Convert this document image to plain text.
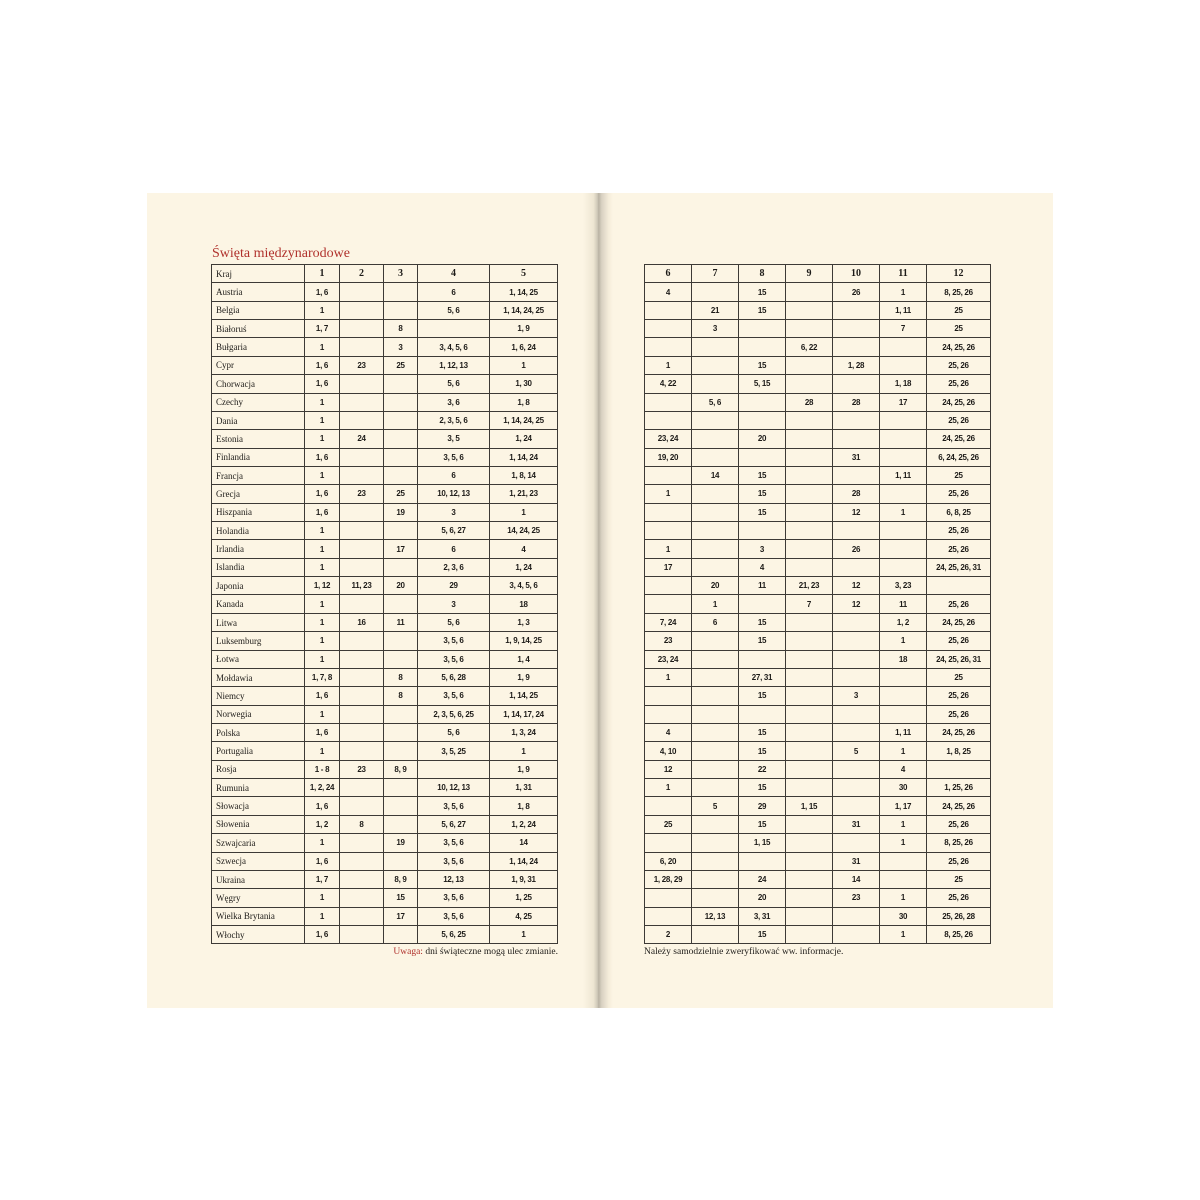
Święta międzynarodowe
Kraj	1	2	3	4	5
Austria	1, 6			6	1, 14, 25
Belgia	1			5, 6	1, 14, 24, 25
Białoruś	1, 7		8		1, 9
Bułgaria	1		3	3, 4, 5, 6	1, 6, 24
Cypr	1, 6	23	25	1, 12, 13	1
Chorwacja	1, 6			5, 6	1, 30
Czechy	1			3, 6	1, 8
Dania	1			2, 3, 5, 6	1, 14, 24, 25
Estonia	1	24		3, 5	1, 24
Finlandia	1, 6			3, 5, 6	1, 14, 24
Francja	1			6	1, 8, 14
Grecja	1, 6	23	25	10, 12, 13	1, 21, 23
Hiszpania	1, 6		19	3	1
Holandia	1			5, 6, 27	14, 24, 25
Irlandia	1		17	6	4
Islandia	1			2, 3, 6	1, 24
Japonia	1, 12	11, 23	20	29	3, 4, 5, 6
Kanada	1			3	18
Litwa	1	16	11	5, 6	1, 3
Luksemburg	1			3, 5, 6	1, 9, 14, 25
Łotwa	1			3, 5, 6	1, 4
Mołdawia	1, 7, 8		8	5, 6, 28	1, 9
Niemcy	1, 6		8	3, 5, 6	1, 14, 25
Norwegia	1			2, 3, 5, 6, 25	1, 14, 17, 24
Polska	1, 6			5, 6	1, 3, 24
Portugalia	1			3, 5, 25	1
Rosja	1 - 8	23	8, 9		1, 9
Rumunia	1, 2, 24			10, 12, 13	1, 31
Słowacja	1, 6			3, 5, 6	1, 8
Słowenia	1, 2	8		5, 6, 27	1, 2, 24
Szwajcaria	1		19	3, 5, 6	14
Szwecja	1, 6			3, 5, 6	1, 14, 24
Ukraina	1, 7		8, 9	12, 13	1, 9, 31
Węgry	1		15	3, 5, 6	1, 25
Wielka Brytania	1		17	3, 5, 6	4, 25
Włochy	1, 6			5, 6, 25	1
6	7	8	9	10	11	12
4		15		26	1	8, 25, 26
	21	15			1, 11	25
	3				7	25
			6, 22			24, 25, 26
1		15		1, 28		25, 26
4, 22		5, 15			1, 18	25, 26
	5, 6		28	28	17	24, 25, 26
						25, 26
23, 24		20				24, 25, 26
19, 20				31		6, 24, 25, 26
	14	15			1, 11	25
1		15		28		25, 26
		15		12	1	6, 8, 25
						25, 26
1		3		26		25, 26
17		4				24, 25, 26, 31
	20	11	21, 23	12	3, 23	
	1		7	12	11	25, 26
7, 24	6	15			1, 2	24, 25, 26
23		15			1	25, 26
23, 24					18	24, 25, 26, 31
1		27, 31				25
		15		3		25, 26
						25, 26
4		15			1, 11	24, 25, 26
4, 10		15		5	1	1, 8, 25
12		22			4	
1		15			30	1, 25, 26
	5	29	1, 15		1, 17	24, 25, 26
25		15		31	1	25, 26
		1, 15			1	8, 25, 26
6, 20				31		25, 26
1, 28, 29		24		14		25
		20		23	1	25, 26
	12, 13	3, 31			30	25, 26, 28
2		15			1	8, 25, 26
Uwaga: dni świąteczne mogą ulec zmianie.	Należy samodzielnie zweryfikować ww. informacje.
